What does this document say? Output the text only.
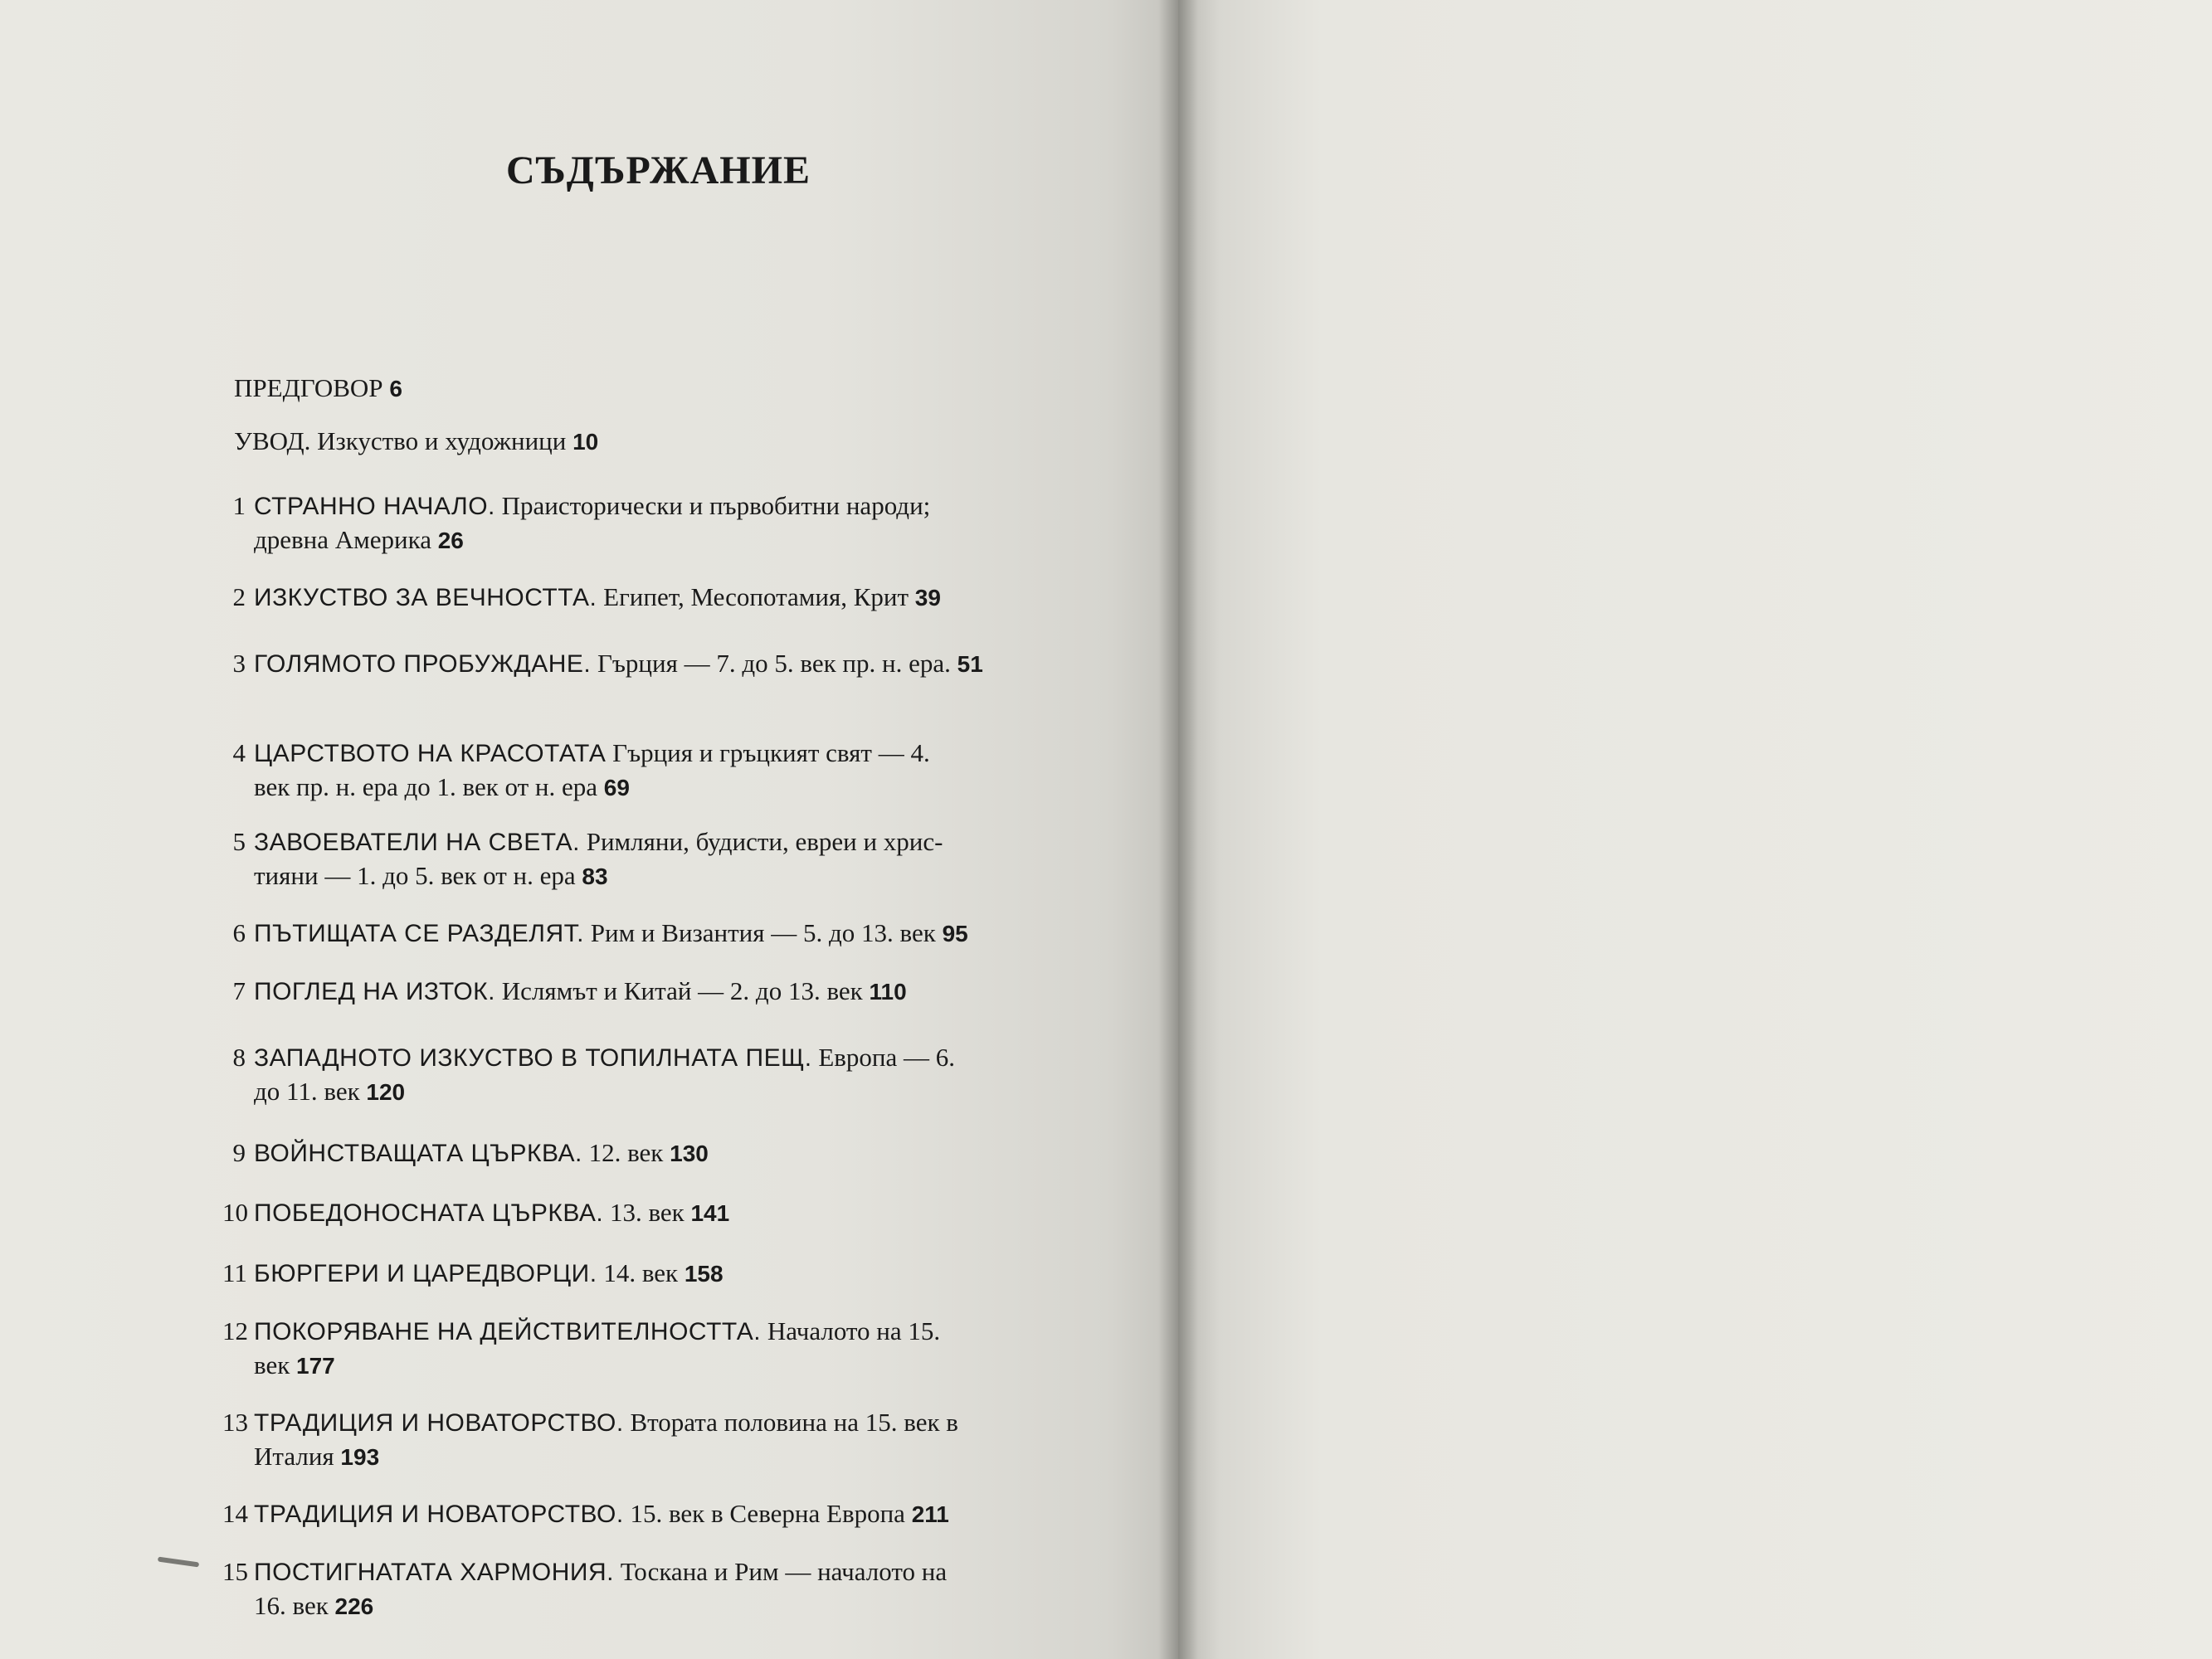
СЪДЪРЖАНИЕ
ПРЕДГОВОР 6
УВОД. Изкуство и художници 10
1 СТРАННО НАЧАЛО. Праисторически и първобитни народи;
древна Америка 26
2 ИЗКУСТВО ЗА ВЕЧНОСТТА. Египет, Месопотамия, Крит 39
3 ГОЛЯМОТО ПРОБУЖДАНЕ. Гърция — 7. до 5. век пр. н. ера. 51
4 ЦАРСТВОТО НА КРАСОТАТА Гърция и гръцкият свят — 4.
век пр. н. ера до 1. век от н. ера 69
5 ЗАВОЕВАТЕЛИ НА СВЕТА. Римляни, будисти, евреи и хрис-
тияни — 1. до 5. век от н. ера 83
6 ПЪТИЩАТА СЕ РАЗДЕЛЯТ. Рим и Византия — 5. до 13. век 95
7 ПОГЛЕД НА ИЗТОК. Ислямът и Китай — 2. до 13. век 110
8 ЗАПАДНОТО ИЗКУСТВО В ТОПИЛНАТА ПЕЩ. Европа — 6.
до 11. век 120
9 ВОЙНСТВАЩАТА ЦЪРКВА. 12. век 130
10 ПОБЕДОНОСНАТА ЦЪРКВА. 13. век 141
11 БЮРГЕРИ И ЦАРЕДВОРЦИ. 14. век 158
12 ПОКОРЯВАНЕ НА ДЕЙСТВИТЕЛНОСТТА. Началото на 15.
век 177
13 ТРАДИЦИЯ И НОВАТОРСТВО. Втората половина на 15. век в
Италия 193
14 ТРАДИЦИЯ И НОВАТОРСТВО. 15. век в Северна Европа 211
15 ПОСТИГНАТАТА ХАРМОНИЯ. Тоскана и Рим — началото на
16. век 226
